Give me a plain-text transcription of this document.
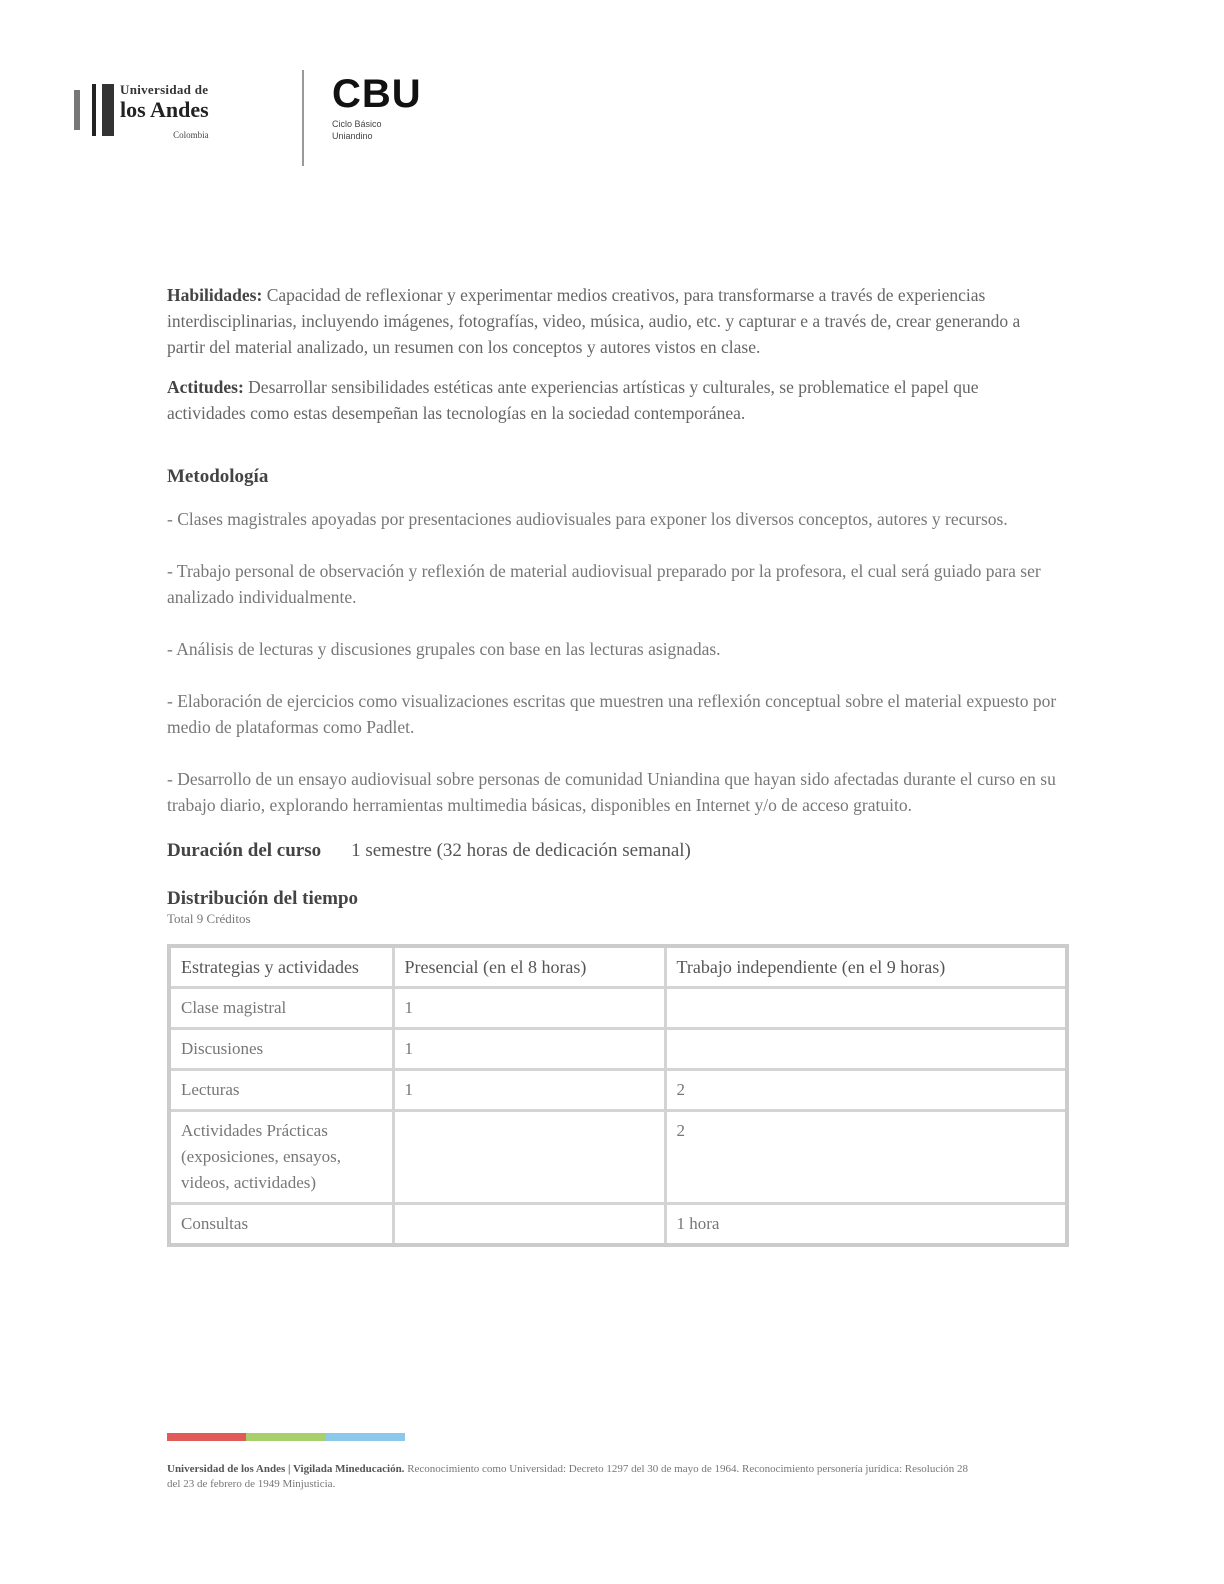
Universidad de
los Andes
Colombia
CBU
Ciclo Básico
Uniandino

Habilidades: Capacidad de reflexionar y experimentar medios creativos, para transformarse a través de experiencias interdisciplinarias, incluyendo imágenes, fotografías, video, música, audio, etc. y capturar e a través de, crear generando a partir del material analizado, un resumen con los conceptos y autores vistos en clase.

Actitudes: Desarrollar sensibilidades estéticas ante experiencias artísticas y culturales, se problematice el papel que actividades como estas desempeñan las tecnologías en la sociedad contemporánea.

Metodología
- Clases magistrales apoyadas por presentaciones audiovisuales para exponer los diversos conceptos, autores y recursos.
- Trabajo personal de observación y reflexión de material audiovisual preparado por la profesora, el cual será guiado para ser analizado individualmente.
- Análisis de lecturas y discusiones grupales con base en las lecturas asignadas.
- Elaboración de ejercicios como visualizaciones escritas que muestren una reflexión conceptual sobre el material expuesto por medio de plataformas como Padlet.
- Desarrollo de un ensayo audiovisual sobre personas de comunidad Uniandina que hayan sido afectadas durante el curso en su trabajo diario, explorando herramientas multimedia básicas, disponibles en Internet y/o de acceso gratuito.
Duración del curso 1 semestre (32 horas de dedicación semanal)
Distribución del tiempo
Total 9 Créditos
Estrategias y actividades	Presencial (en el 8 horas)	Trabajo independiente (en el 9 horas)
Clase magistral	1	
Discusiones	1	
Lecturas	1	2
Actividades Prácticas (exposiciones, ensayos, videos, actividades)		2
Consultas		1 hora
Universidad de los Andes | Vigilada Mineducación. Reconocimiento como Universidad: Decreto 1297 del 30 de mayo de 1964. Reconocimiento personería jurídica: Resolución 28 del 23 de febrero de 1949 Minjusticia.
